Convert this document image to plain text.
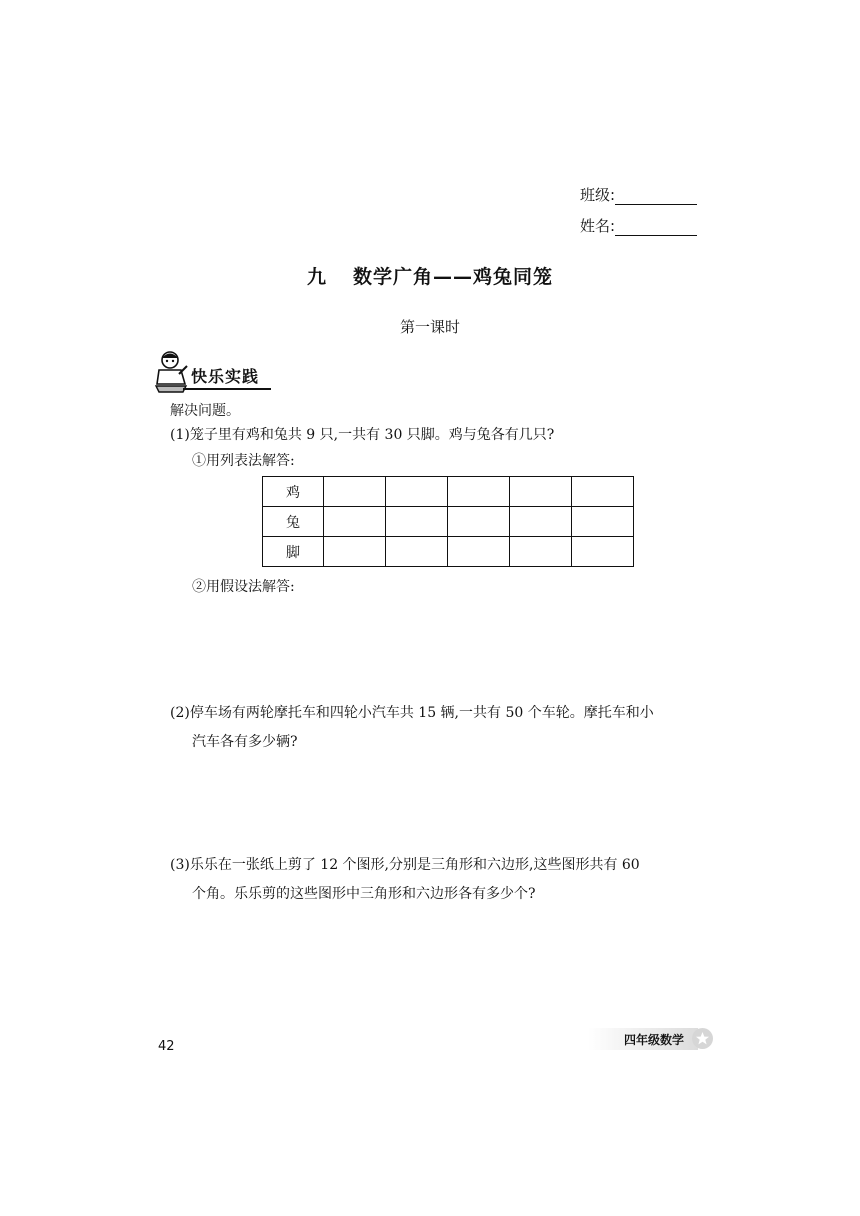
班级:
姓名:
九 数学广角——鸡兔同笼
第一课时
快乐实践
解决问题。
(1)笼子里有鸡和兔共 9 只,一共有 30 只脚。鸡与兔各有几只?
①用列表法解答:
鸡					
兔					
脚					
②用假设法解答:
(2)停车场有两轮摩托车和四轮小汽车共 15 辆,一共有 50 个车轮。摩托车和小
汽车各有多少辆?
(3)乐乐在一张纸上剪了 12 个图形,分别是三角形和六边形,这些图形共有 60
个角。乐乐剪的这些图形中三角形和六边形各有多少个?
42	四年级数学
